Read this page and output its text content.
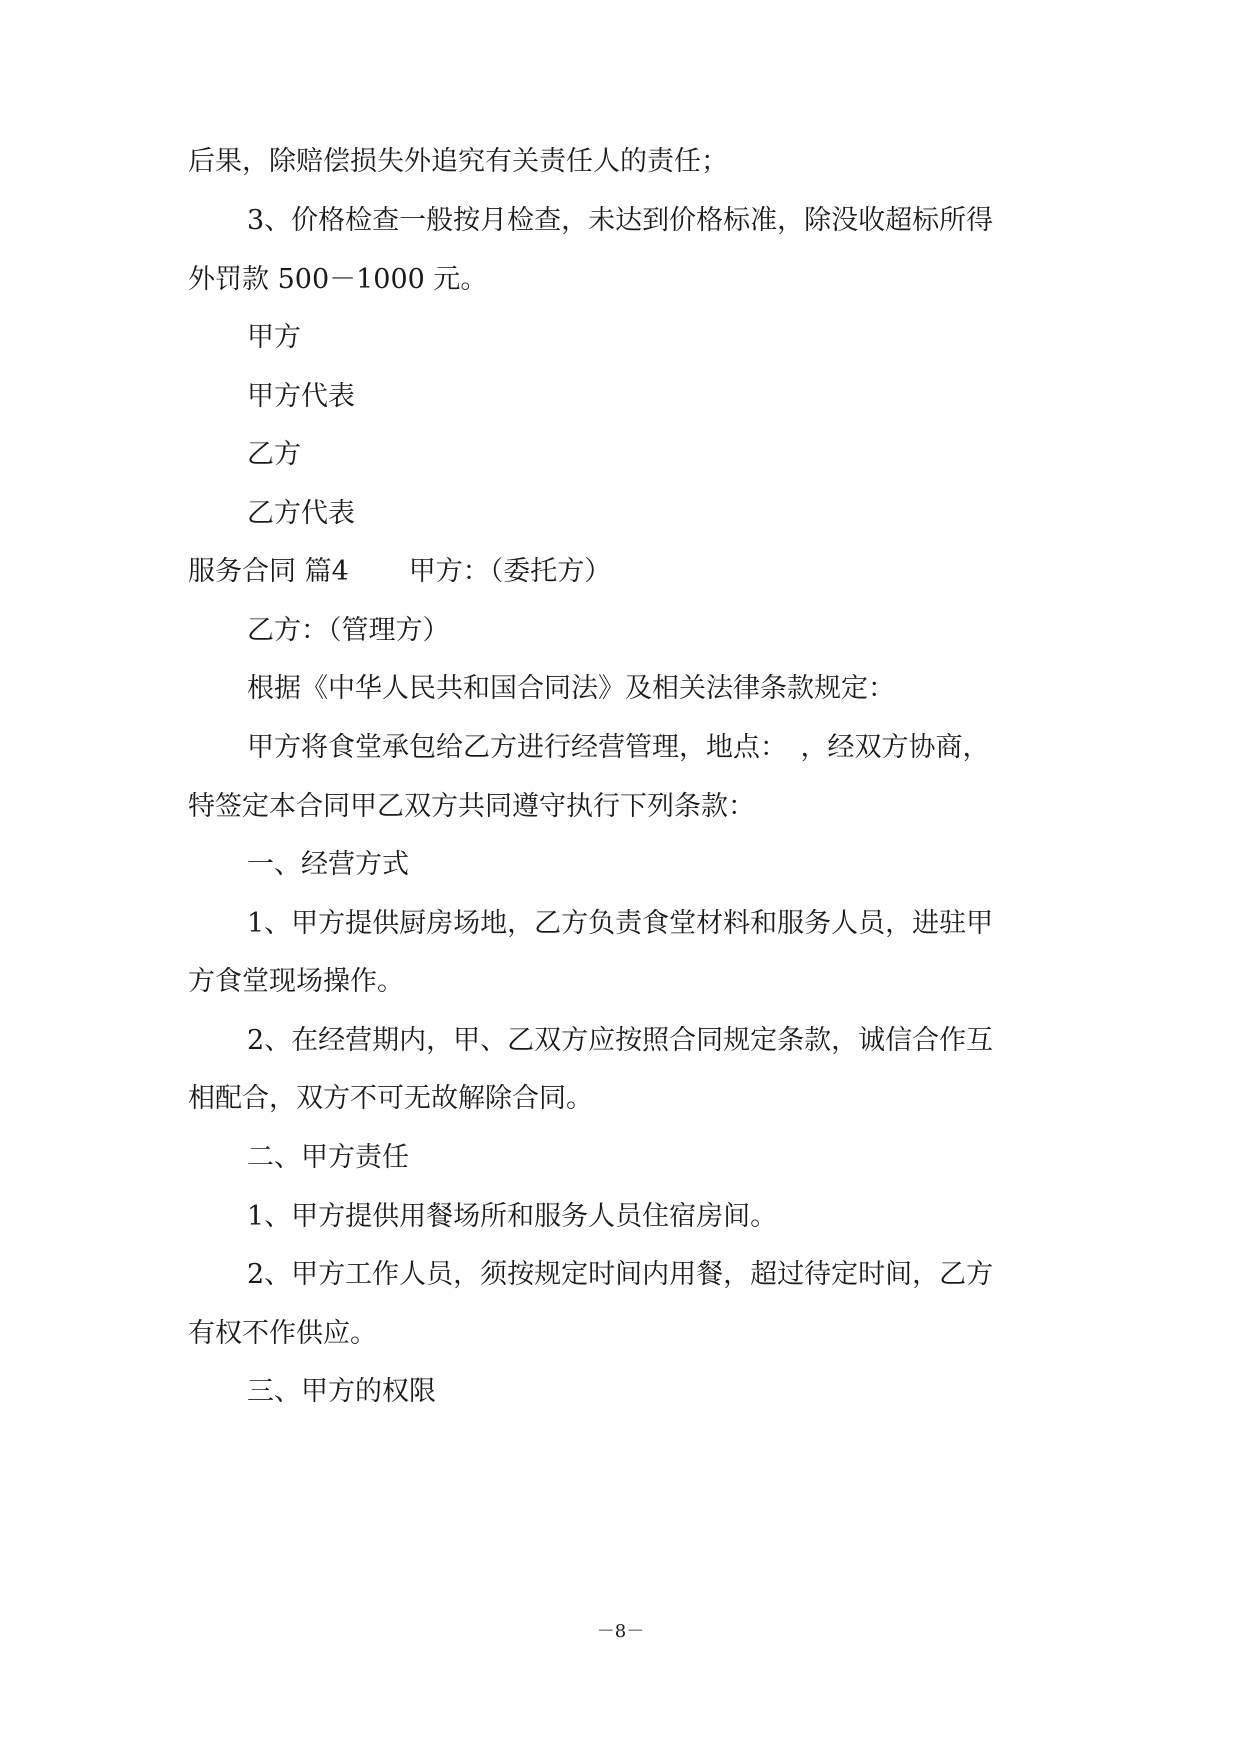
后果，除赔偿损失外追究有关责任人的责任；
3、价格检查一般按月检查，未达到价格标准，除没收超标所得
外罚款 500－1000 元。
甲方
甲方代表
乙方
乙方代表
服务合同 篇4 甲方：（委托方）
乙方：（管理方）
根据《中华人民共和国合同法》及相关法律条款规定：
甲方将食堂承包给乙方进行经营管理，地点：　，经双方协商，
特签定本合同甲乙双方共同遵守执行下列条款：
一、经营方式
1、甲方提供厨房场地，乙方负责食堂材料和服务人员，进驻甲
方食堂现场操作。
2、在经营期内，甲、乙双方应按照合同规定条款，诚信合作互
相配合，双方不可无故解除合同。
二、甲方责任
1、甲方提供用餐场所和服务人员住宿房间。
2、甲方工作人员，须按规定时间内用餐，超过待定时间，乙方
有权不作供应。
三、甲方的权限
－8－
